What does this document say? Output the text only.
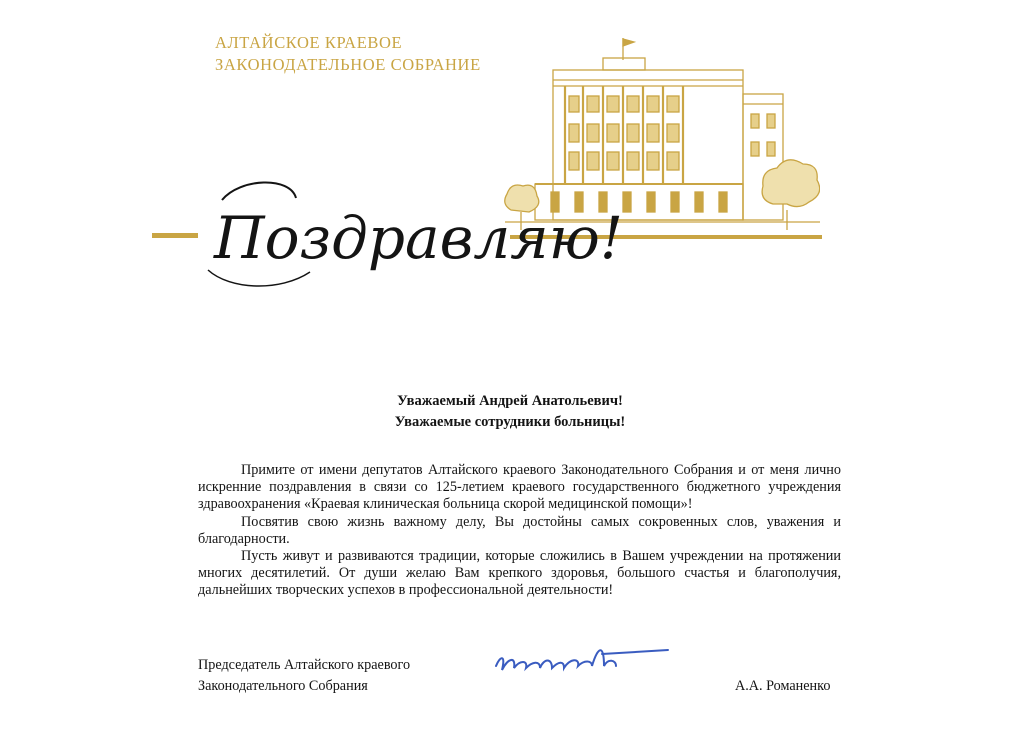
АЛТАЙСКОЕ КРАЕВОЕ
ЗАКОНОДАТЕЛЬНОЕ СОБРАНИЕ
Поздравляю!
Уважаемый Андрей Анатольевич!
Уважаемые сотрудники больницы!

Примите от имени депутатов Алтайского краевого Законодательного Собрания и от меня лично искренние поздравления в связи со 125-летием краевого государственного бюджетного учреждения здравоохранения «Краевая клиническая больница скорой медицинской помощи»!

Посвятив свою жизнь важному делу, Вы достойны самых сокровенных слов, уважения и благодарности.

Пусть живут и развиваются традиции, которые сложились в Вашем учреждении на протяжении многих десятилетий. От души желаю Вам крепкого здоровья, большого счастья и благополучия, дальнейших творческих успехов в профессиональной деятельности!

Председатель Алтайского краевого
Законодательного Собрания	А.А. Романенко
